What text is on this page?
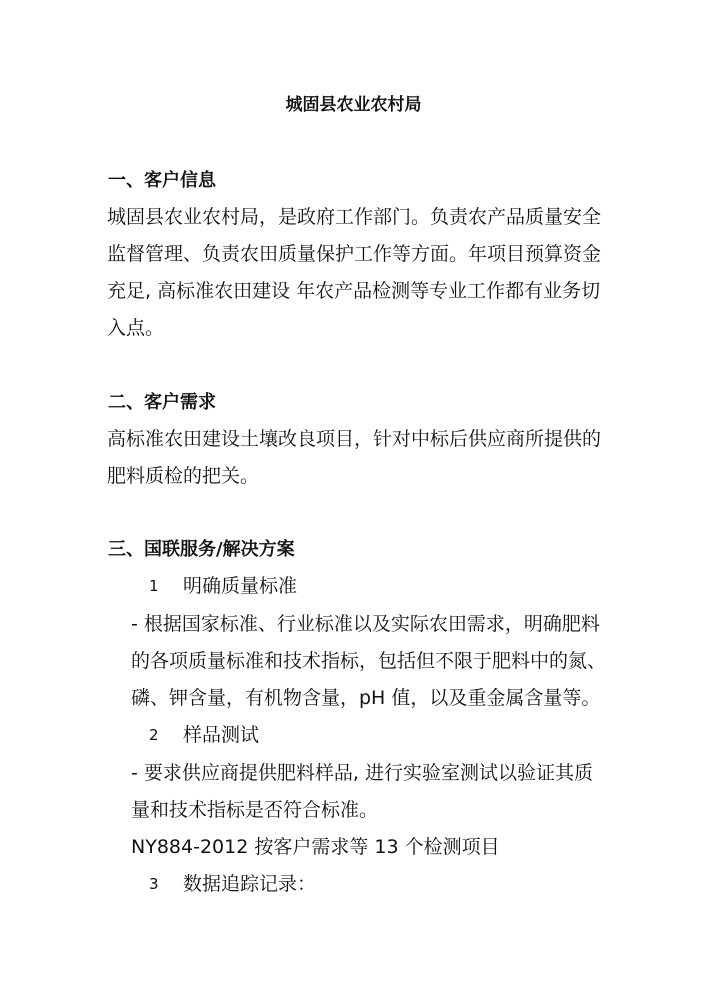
城固县农业农村局
一、客户信息
城固县农业农村局，是政府工作部门。负责农产品质量安全
监督管理、负责农田质量保护工作等方面。年项目预算资金
充足, 高标准农田建设 年农产品检测等专业工作都有业务切
入点。
二、客户需求
高标准农田建设土壤改良项目，针对中标后供应商所提供的
肥料质检的把关。
三、国联服务/解决方案
1 明确质量标准
- 根据国家标准、行业标准以及实际农田需求，明确肥料
的各项质量标准和技术指标，包括但不限于肥料中的氮、
磷、钾含量，有机物含量，pH 值，以及重金属含量等。
2 样品测试
- 要求供应商提供肥料样品, 进行实验室测试以验证其质
量和技术指标是否符合标准。
NY884-2012 按客户需求等 13 个检测项目
3 数据追踪记录：
